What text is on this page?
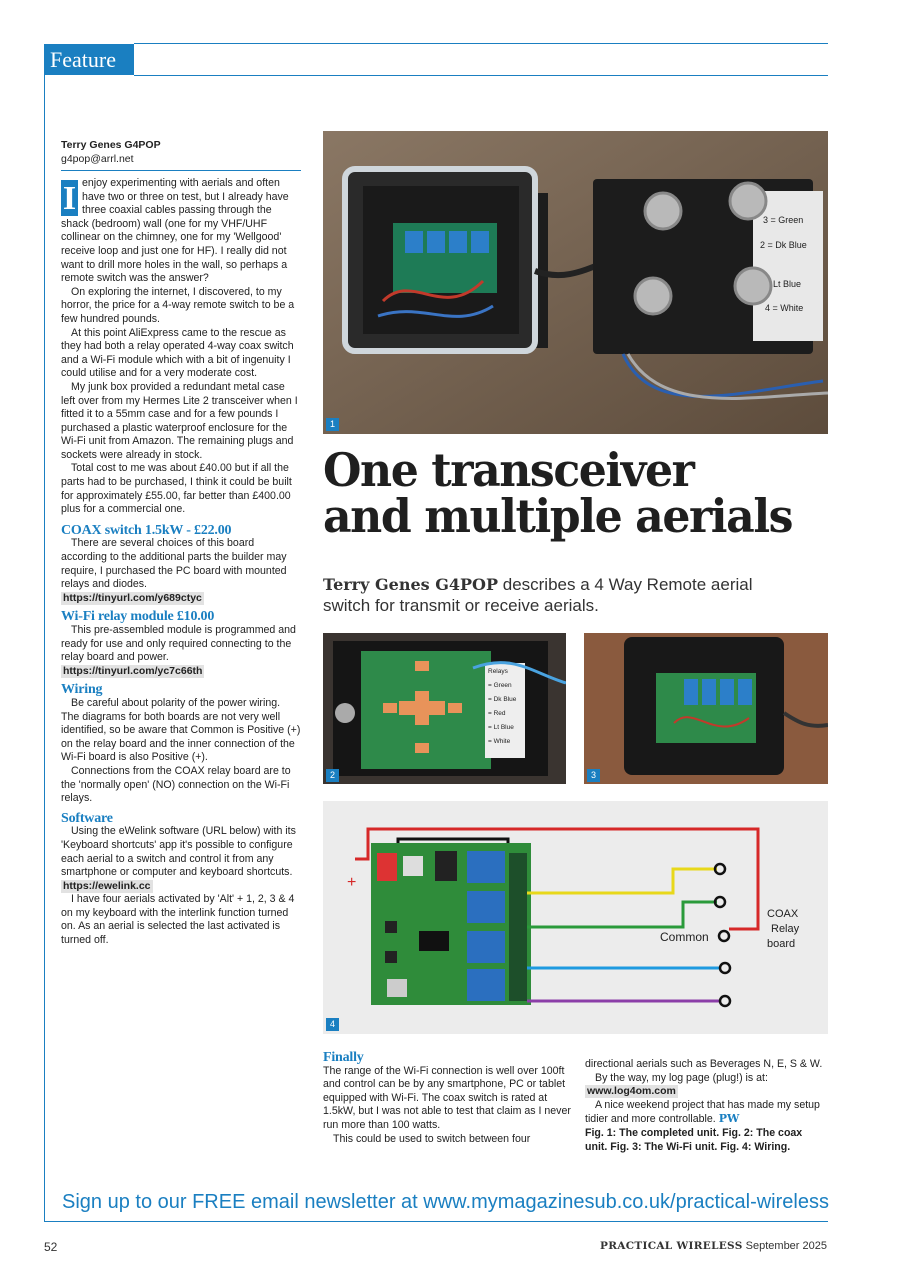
Feature
Terry Genes G4POP
g4pop@arrl.net

I enjoy experimenting with aerials and often have two or three on test, but I already have three coaxial cables passing through the shack (bedroom) wall (one for my VHF/UHF collinear on the chimney, one for my 'Wellgood' receive loop and just one for HF). I really did not want to drill more holes in the wall, so perhaps a remote switch was the answer?

On exploring the internet, I discovered, to my horror, the price for a 4-way remote switch to be a few hundred pounds.

At this point AliExpress came to the rescue as they had both a relay operated 4-way coax switch and a Wi-Fi module which with a bit of ingenuity I could utilise and for a very moderate cost.

My junk box provided a redundant metal case left over from my Hermes Lite 2 transceiver when I fitted it to a 55mm case and for a few pounds I purchased a plastic waterproof enclosure for the Wi-Fi unit from Amazon. The remaining plugs and sockets were already in stock.

Total cost to me was about £40.00 but if all the parts had to be purchased, I think it could be built for approximately £55.00, far better than £400.00 plus for a commercial one.

COAX switch 1.5kW - £22.00

There are several choices of this board according to the additional parts the builder may require, I purchased the PC board with mounted relays and diodes.

https://tinyurl.com/y689ctyc
Wi-Fi relay module £10.00

This pre-assembled module is programmed and ready for use and only required connecting to the relay board and power.

https://tinyurl.com/yc7c66th
Wiring

Be careful about polarity of the power wiring. The diagrams for both boards are not very well identified, so be aware that Common is Positive (+) on the relay board and the inner connection of the Wi-Fi board is also Positive (+).

Connections from the COAX relay board are to the 'normally open' (NO) connection on the Wi-Fi relays.

Software

Using the eWelink software (URL below) with its 'Keyboard shortcuts' app it's possible to configure each aerial to a switch and control it from any smartphone or computer and keyboard shortcuts.

https://ewelink.cc

I have four aerials activated by 'Alt' + 1, 2, 3 & 4 on my keyboard with the interlink function turned on. As an aerial is selected the last activated is turned off.

3 = Green
2 = Dk Blue
Lt Blue
4 = White
1
One transceiver
and multiple aerials
Terry Genes G4POP describes a 4 Way Remote aerial switch for transmit or receive aerials.
Relays
= Green
= Dk Blue
= Red
= Lt Blue
= White
2	3
+
Common
COAX
Relay
board
4
Finally

The range of the Wi-Fi connection is well over 100ft and control can be by any smartphone, PC or tablet equipped with Wi-Fi. The coax switch is rated at 1.5kW, but I was not able to test that claim as I never run more than 100 watts.

This could be used to switch between four

directional aerials such as Beverages N, E, S & W.

By the way, my log page (plug!) is at:

www.log4om.com

A nice weekend project that has made my setup tidier and more controllable. PW

Fig. 1: The completed unit. Fig. 2: The coax unit. Fig. 3: The Wi-Fi unit. Fig. 4: Wiring.

Sign up to our FREE email newsletter at www.mymagazinesub.co.uk/practical-wireless
52	PRACTICAL WIRELESS September 2025
